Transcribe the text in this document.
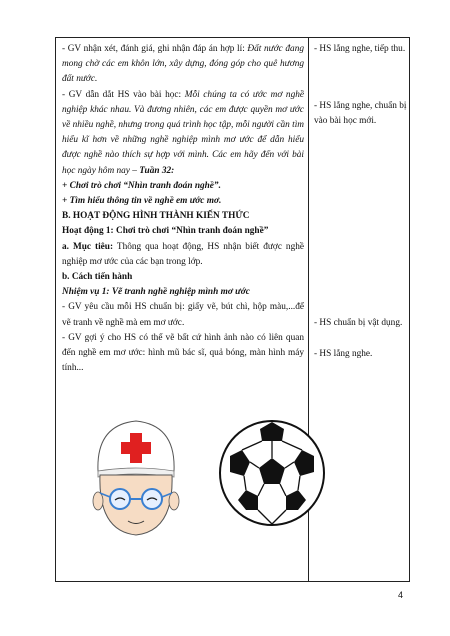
- GV nhận xét, đánh giá, ghi nhận đáp án hợp lí: Đất nước đang mong chờ các em khôn lớn, xây dựng, đóng góp cho quê hương đất nước.

- GV dẫn dắt HS vào bài học: Mỗi chúng ta có ước mơ nghề nghiệp khác nhau. Và đương nhiên, các em được quyền mơ ước về nhiều nghề, nhưng trong quá trình học tập, mỗi người cần tìm hiểu kĩ hơn về những nghề nghiệp mình mơ ước để dẫn hiểu được nghề nào thích sự hợp với mình. Các em hãy đến với bài học ngày hôm nay – Tuần 32:

+ Chơi trò chơi “Nhìn tranh đoán nghề”.

+ Tìm hiểu thông tin về nghề em ước mơ.

B. HOẠT ĐỘNG HÌNH THÀNH KIẾN THỨC

Hoạt động 1: Chơi trò chơi “Nhìn tranh đoán nghề”

a. Mục tiêu: Thông qua hoạt động, HS nhận biết được nghề nghiệp mơ ước của các bạn trong lớp.

b. Cách tiến hành

Nhiệm vụ 1: Vẽ tranh nghề nghiệp mình mơ ước

- GV yêu cầu mỗi HS chuẩn bị: giấy vẽ, bút chì, hộp màu,...để vẽ tranh về nghề mà em mơ ước.

- GV gợi ý cho HS có thể vẽ bất cứ hình ảnh nào có liên quan đến nghề em mơ ước: hình mũ bác sĩ, quả bóng, màn hình máy tính...

- HS lắng nghe, tiếp thu.

- HS lắng nghe, chuẩn bị vào bài học mới.

- HS chuẩn bị vật dụng.

- HS lắng nghe.

4
